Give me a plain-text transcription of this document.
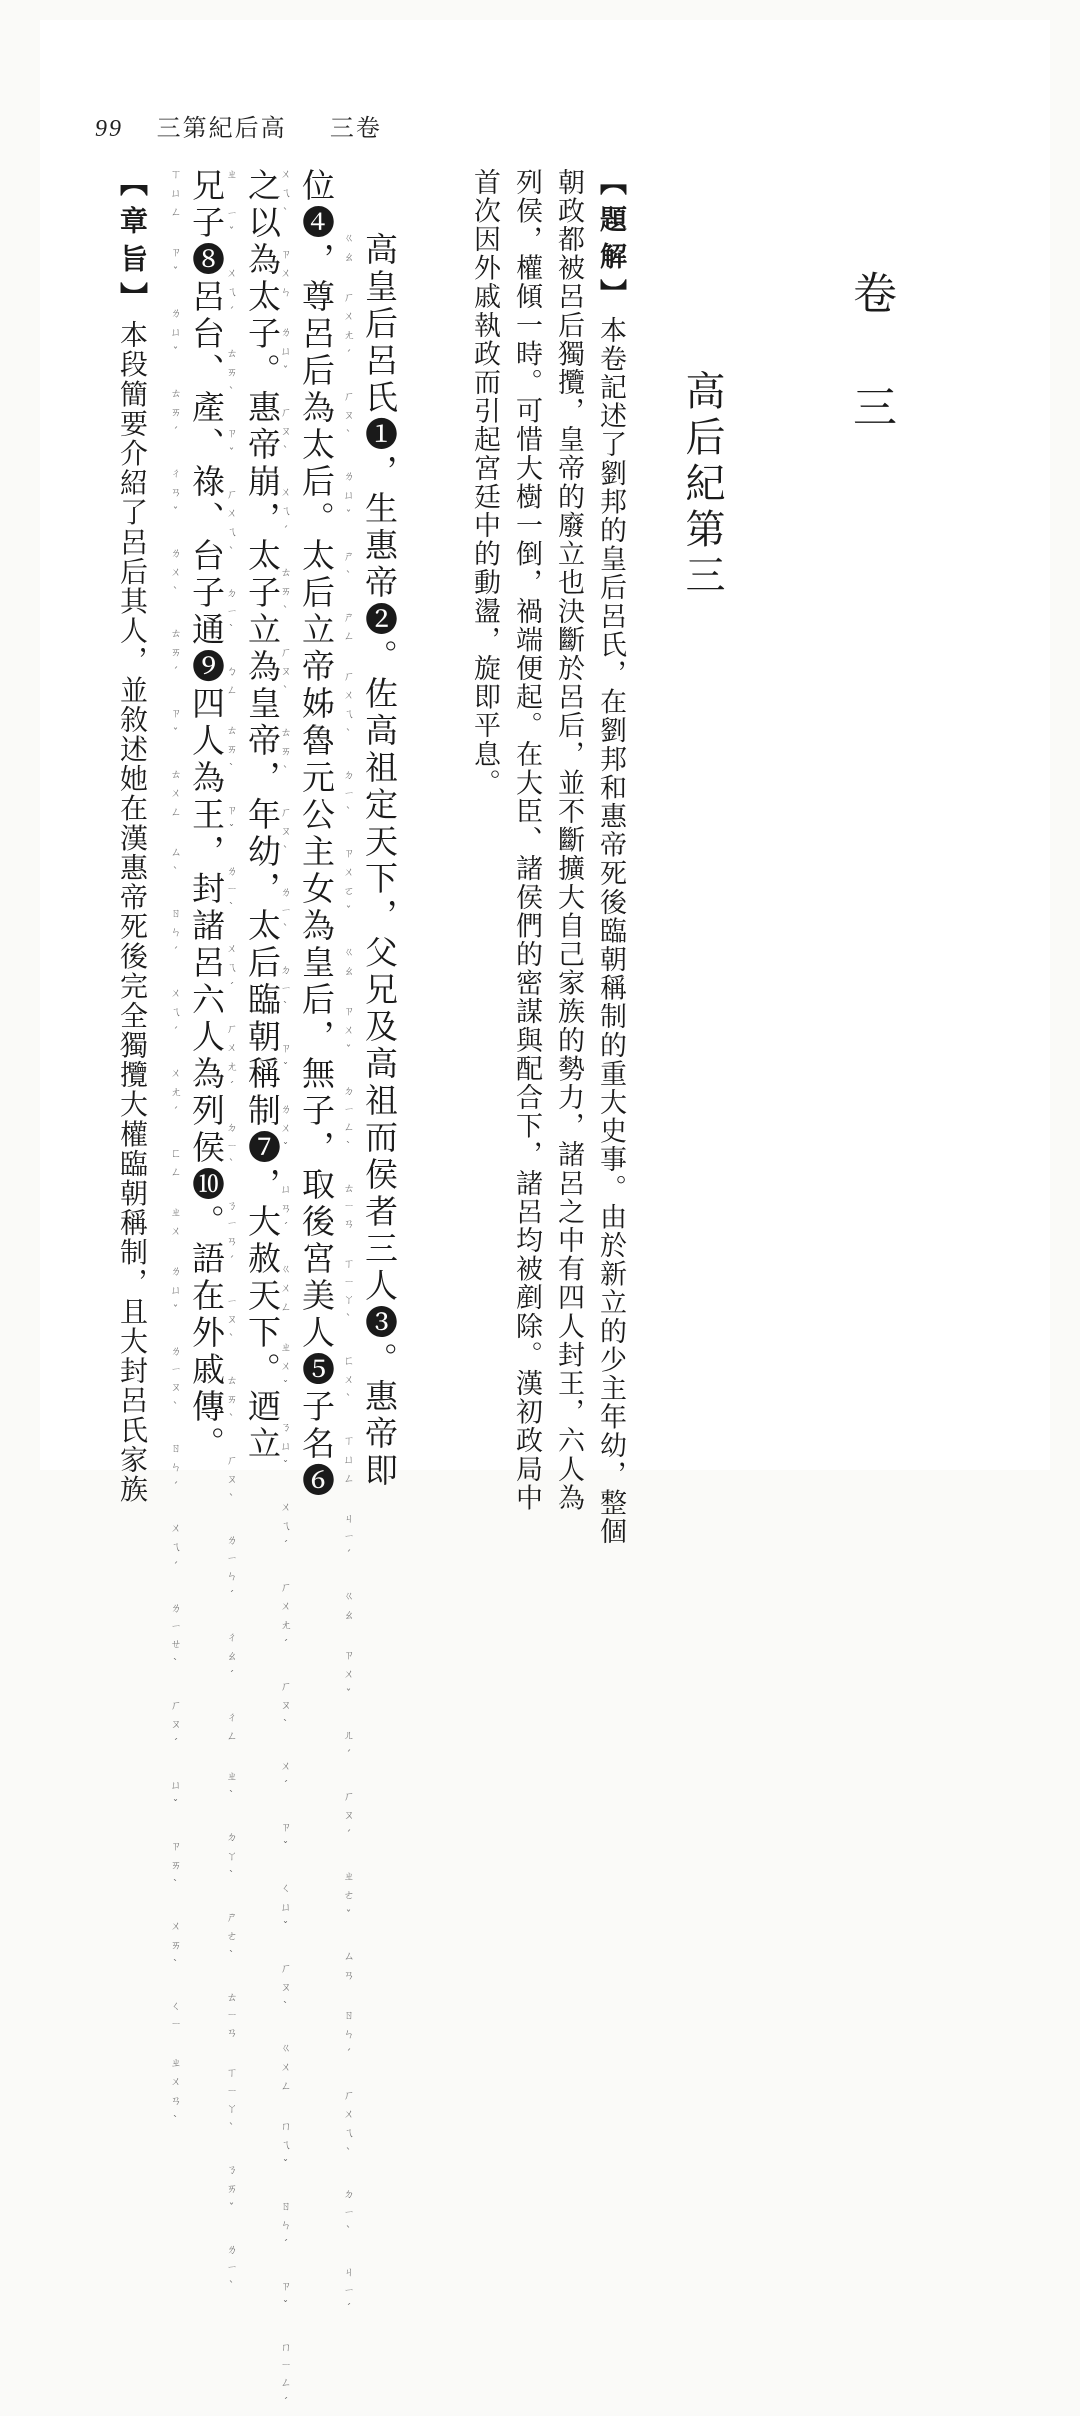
99 三第紀后高 三卷
卷三
高后紀第三
【題解】本卷記述了劉邦的皇后呂氏，在劉邦和惠帝死後臨朝稱制的重大史事。由於新立的少主年幼，整個
朝政都被呂后獨攬，皇帝的廢立也決斷於呂后，並不斷擴大自己家族的勢力，諸呂之中有四人封王，六人為
列侯，權傾一時。可惜大樹一倒，禍端便起。在大臣、諸侯們的密謀與配合下，諸呂均被剷除。漢初政局中
首次因外戚執政而引起宮廷中的動盪，旋即平息。
高皇后呂氏❶，生惠帝❷。佐高祖定天下，父兄及高祖而侯者三人❸。惠帝即
ㄍㄠ ㄏㄨㄤˊ ㄏㄡˋ ㄌㄩˇ ㄕˋ ㄕㄥ ㄏㄨㄟˋ ㄉㄧˋ ㄗㄨㄛˇ ㄍㄠ ㄗㄨˇ ㄉㄧㄥˋ ㄊㄧㄢ ㄒㄧㄚˋ ㄈㄨˋ ㄒㄩㄥ ㄐㄧˊ ㄍㄠ ㄗㄨˇ ㄦˊ ㄏㄡˊ ㄓㄜˇ ㄙㄢ ㄖㄣˊ ㄏㄨㄟˋ ㄉㄧˋ ㄐㄧˊ
位❹，尊呂后為太后。太后立帝姊魯元公主女為皇后，無子，取後宮美人❺子名❻
ㄨㄟˋ ㄗㄨㄣ ㄌㄩˇ ㄏㄡˋ ㄨㄟˊ ㄊㄞˋ ㄏㄡˋ ㄊㄞˋ ㄏㄡˋ ㄌㄧˋ ㄉㄧˋ ㄗˇ ㄌㄨˇ ㄩㄢˊ ㄍㄨㄥ ㄓㄨˇ ㄋㄩˇ ㄨㄟˊ ㄏㄨㄤˊ ㄏㄡˋ ㄨˊ ㄗˇ ㄑㄩˇ ㄏㄡˋ ㄍㄨㄥ ㄇㄟˇ ㄖㄣˊ ㄗˇ ㄇㄧㄥˊ
之以為太子。惠帝崩，太子立為皇帝，年幼，太后臨朝稱制❼，大赦天下。迺立
ㄓ ㄧˇ ㄨㄟˊ ㄊㄞˋ ㄗˇ ㄏㄨㄟˋ ㄉㄧˋ ㄅㄥ ㄊㄞˋ ㄗˇ ㄌㄧˋ ㄨㄟˊ ㄏㄨㄤˊ ㄉㄧˋ ㄋㄧㄢˊ ㄧㄡˋ ㄊㄞˋ ㄏㄡˋ ㄌㄧㄣˊ ㄔㄠˊ ㄔㄥ ㄓˋ ㄉㄚˋ ㄕㄜˋ ㄊㄧㄢ ㄒㄧㄚˋ ㄋㄞˇ ㄌㄧˋ
兄子❽呂台、產、祿、台子通❾四人為王，封諸呂六人為列侯❿。語在外戚傳。
ㄒㄩㄥ ㄗˇ ㄌㄩˇ ㄊㄞˊ ㄔㄢˇ ㄌㄨˋ ㄊㄞˊ ㄗˇ ㄊㄨㄥ ㄙˋ ㄖㄣˊ ㄨㄟˊ ㄨㄤˊ ㄈㄥ ㄓㄨ ㄌㄩˇ ㄌㄧㄡˋ ㄖㄣˊ ㄨㄟˊ ㄌㄧㄝˋ ㄏㄡˊ ㄩˇ ㄗㄞˋ ㄨㄞˋ ㄑㄧ ㄓㄨㄢˋ
【章旨】本段簡要介紹了呂后其人，並敘述她在漢惠帝死後完全獨攬大權臨朝稱制，且大封呂氏家族
